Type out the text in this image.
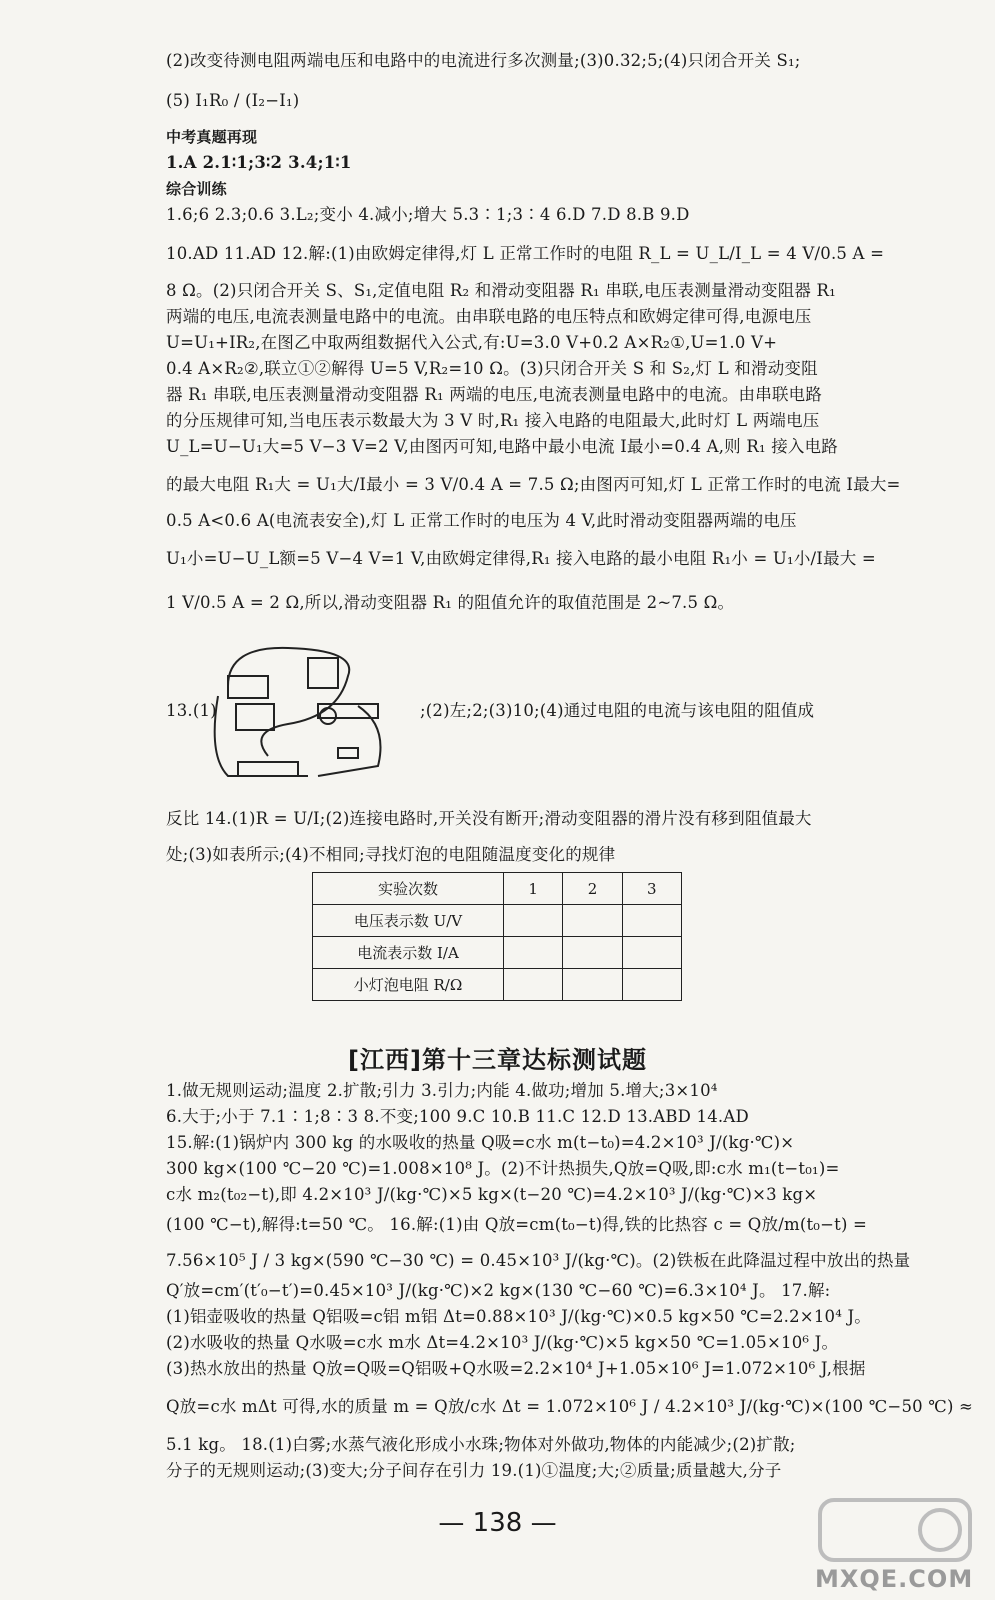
(2)改变待测电阻两端电压和电路中的电流进行多次测量;(3)0.32;5;(4)只闭合开关 S₁;
(5) I₁R₀ / (I₂−I₁)
中考真题再现
1.A 2.1∶1;3∶2 3.4;1∶1
综合训练
1.6;6 2.3;0.6 3.L₂;变小 4.减小;增大 5.3∶1;3∶4 6.D 7.D 8.B 9.D
10.AD 11.AD 12.解:(1)由欧姆定律得,灯 L 正常工作时的电阻 R_L = U_L/I_L = 4 V/0.5 A =
8 Ω。(2)只闭合开关 S、S₁,定值电阻 R₂ 和滑动变阻器 R₁ 串联,电压表测量滑动变阻器 R₁
两端的电压,电流表测量电路中的电流。由串联电路的电压特点和欧姆定律可得,电源电压
U=U₁+IR₂,在图乙中取两组数据代入公式,有:U=3.0 V+0.2 A×R₂①,U=1.0 V+
0.4 A×R₂②,联立①②解得 U=5 V,R₂=10 Ω。(3)只闭合开关 S 和 S₂,灯 L 和滑动变阻
器 R₁ 串联,电压表测量滑动变阻器 R₁ 两端的电压,电流表测量电路中的电流。由串联电路
的分压规律可知,当电压表示数最大为 3 V 时,R₁ 接入电路的电阻最大,此时灯 L 两端电压
U_L=U−U₁大=5 V−3 V=2 V,由图丙可知,电路中最小电流 I最小=0.4 A,则 R₁ 接入电路
的最大电阻 R₁大 = U₁大/I最小 = 3 V/0.4 A = 7.5 Ω;由图丙可知,灯 L 正常工作时的电流 I最大=
0.5 A<0.6 A(电流表安全),灯 L 正常工作时的电压为 4 V,此时滑动变阻器两端的电压
U₁小=U−U_L额=5 V−4 V=1 V,由欧姆定律得,R₁ 接入电路的最小电阻 R₁小 = U₁小/I最大 =
1 V/0.5 A = 2 Ω,所以,滑动变阻器 R₁ 的阻值允许的取值范围是 2~7.5 Ω。
13.(1)	;(2)左;2;(3)10;(4)通过电阻的电流与该电阻的阻值成
反比 14.(1)R = U/I;(2)连接电路时,开关没有断开;滑动变阻器的滑片没有移到阻值最大
处;(3)如表所示;(4)不相同;寻找灯泡的电阻随温度变化的规律
实验次数	1	2	3
电压表示数 U/V			
电流表示数 I/A			
小灯泡电阻 R/Ω			
[江西]第十三章达标测试题
1.做无规则运动;温度 2.扩散;引力 3.引力;内能 4.做功;增加 5.增大;3×10⁴
6.大于;小于 7.1∶1;8∶3 8.不变;100 9.C 10.B 11.C 12.D 13.ABD 14.AD
15.解:(1)锅炉内 300 kg 的水吸收的热量 Q吸=c水 m(t−t₀)=4.2×10³ J/(kg·℃)×
300 kg×(100 ℃−20 ℃)=1.008×10⁸ J。(2)不计热损失,Q放=Q吸,即:c水 m₁(t−t₀₁)=
c水 m₂(t₀₂−t),即 4.2×10³ J/(kg·℃)×5 kg×(t−20 ℃)=4.2×10³ J/(kg·℃)×3 kg×
(100 ℃−t),解得:t=50 ℃。 16.解:(1)由 Q放=cm(t₀−t)得,铁的比热容 c = Q放/m(t₀−t) =
7.56×10⁵ J / 3 kg×(590 ℃−30 ℃) = 0.45×10³ J/(kg·℃)。(2)铁板在此降温过程中放出的热量
Q′放=cm′(t′₀−t′)=0.45×10³ J/(kg·℃)×2 kg×(130 ℃−60 ℃)=6.3×10⁴ J。 17.解:
(1)铝壶吸收的热量 Q铝吸=c铝 m铝 Δt=0.88×10³ J/(kg·℃)×0.5 kg×50 ℃=2.2×10⁴ J。
(2)水吸收的热量 Q水吸=c水 m水 Δt=4.2×10³ J/(kg·℃)×5 kg×50 ℃=1.05×10⁶ J。
(3)热水放出的热量 Q放=Q吸=Q铝吸+Q水吸=2.2×10⁴ J+1.05×10⁶ J=1.072×10⁶ J,根据
Q放=c水 mΔt 可得,水的质量 m = Q放/c水 Δt = 1.072×10⁶ J / 4.2×10³ J/(kg·℃)×(100 ℃−50 ℃) ≈
5.1 kg。 18.(1)白雾;水蒸气液化形成小水珠;物体对外做功,物体的内能减少;(2)扩散;
分子的无规则运动;(3)变大;分子间存在引力 19.(1)①温度;大;②质量;质量越大,分子
— 138 —
MXQE.COM
